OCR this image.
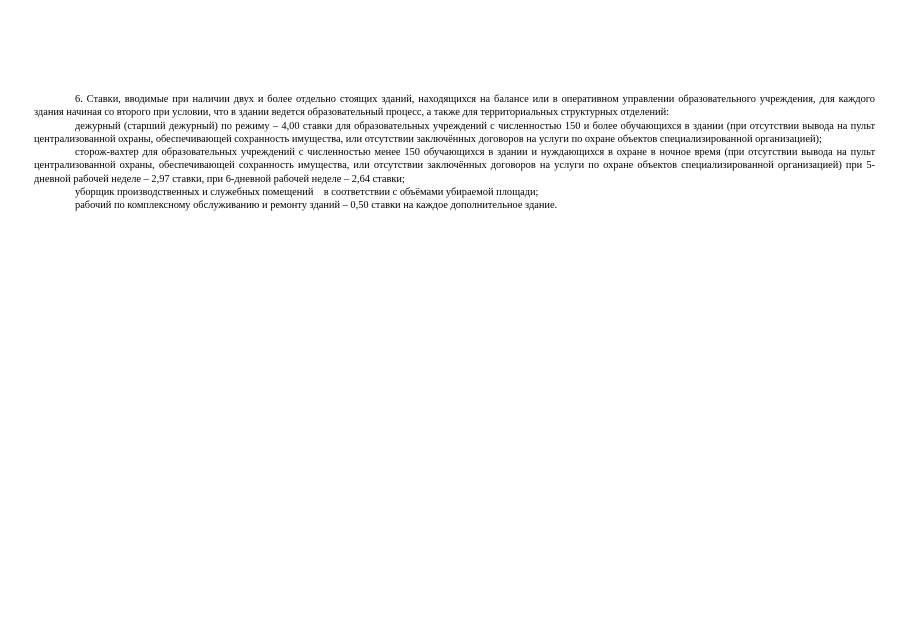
6. Ставки, вводимые при наличии двух и более отдельно стоящих зданий, находящихся на балансе или в оперативном управлении образовательного учреждения, для каждого здания начиная со второго при условии, что в здании ведется образовательный процесс, а также для территориальных структурных отделений:

дежурный (старший дежурный) по режиму – 4,00 ставки для образовательных учреждений с численностью 150 и более обучающихся в здании (при отсутствии вывода на пульт централизованной охраны, обеспечивающей сохранность имущества, или отсутствии заключённых договоров на услуги по охране объектов специализированной организацией);

сторож-вахтер для образовательных учреждений с численностью менее 150 обучающихся в здании и нуждающихся в охране в ночное время (при отсутствии вывода на пульт централизованной охраны, обеспечивающей сохранность имущества, или отсутствии заключённых договоров на услуги по охране объектов специализированной организацией) при 5-дневной рабочей неделе – 2,97 ставки, при 6-дневной рабочей неделе – 2,64 ставки;

уборщик производственных и служебных помещений    в соответствии с объёмами убираемой площади;

рабочий по комплексному обслуживанию и ремонту зданий – 0,50 ставки на каждое дополнительное здание.
